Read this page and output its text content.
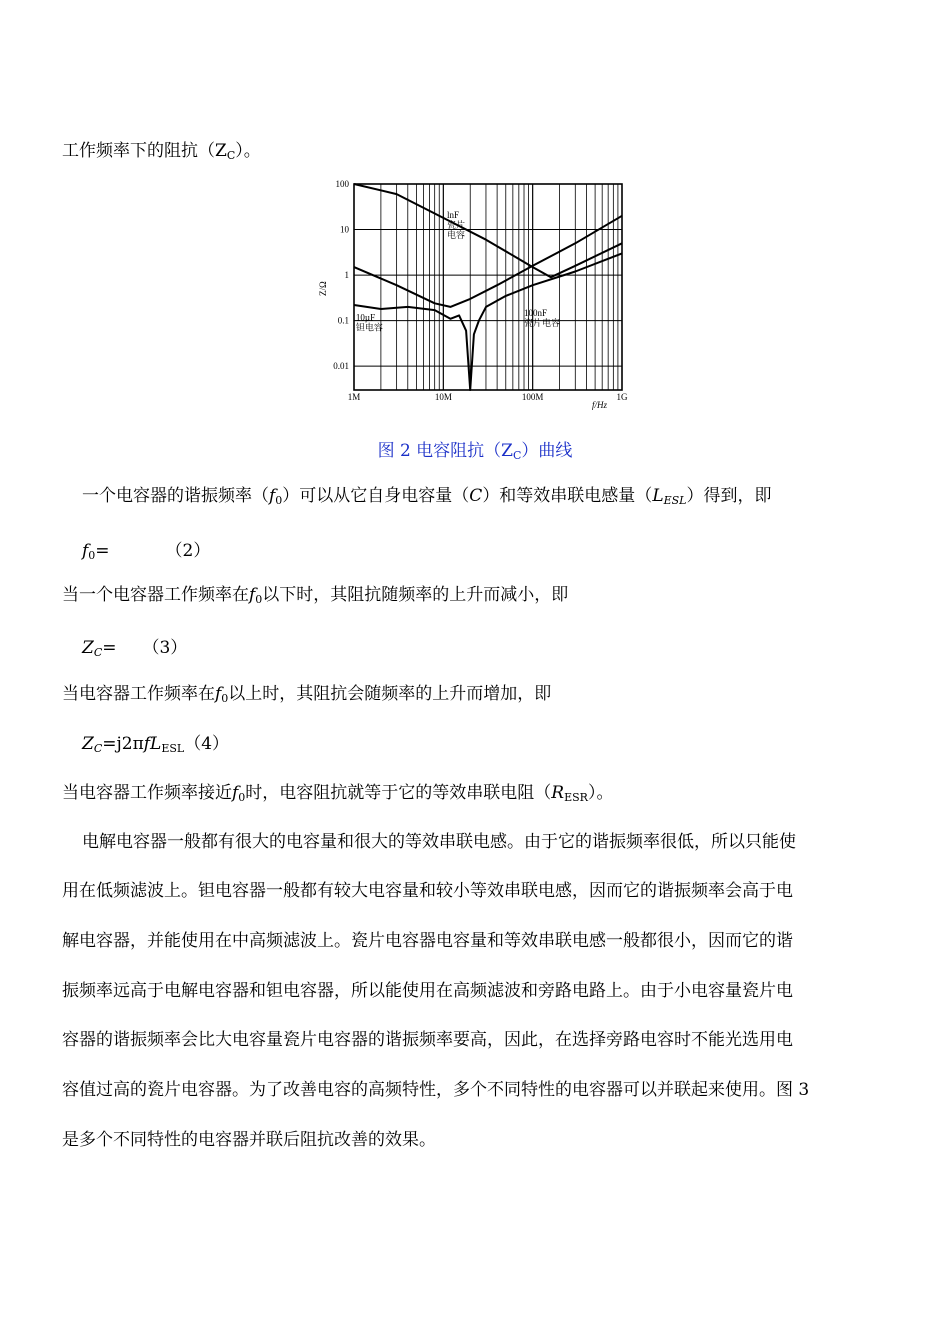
工作频率下的阻抗$(Z_C)$。
100
10
1
0.1
0.01
1M	10M	100M	1G
Z/Ω
f/Hz
lnF
瓷片
电容
100nF
瓷片电容
10µF
钽电容
图 2 电容阻抗$(Z_C)$曲线
一个电容器的谐振频率$(f_0)$可以从它自身电容量（C）和等效串联电感量$(L_{ESL})$得到，即
$f_0=$	（2）
当一个电容器工作频率在$f_0$以下时，其阻抗随频率的上升而减小，即
$Z_C= (3)$
当电容器工作频率在$f_0$以上时，其阻抗会随频率的上升而增加，即
$Z_C=j2\pi fL_{ESL}(4)$
当电容器工作频率接近$f_0$时，电容阻抗就等于它的等效串联电阻$(R_{ESR})$。
电解电容器一般都有很大的电容量和很大的等效串联电感。由于它的谐振频率很低，所以只能使
用在低频滤波上。钽电容器一般都有较大电容量和较小等效串联电感，因而它的谐振频率会高于电
解电容器，并能使用在中高频滤波上。瓷片电容器电容量和等效串联电感一般都很小，因而它的谐
振频率远高于电解电容器和钽电容器，所以能使用在高频滤波和旁路电路上。由于小电容量瓷片电
容器的谐振频率会比大电容量瓷片电容器的谐振频率要高，因此，在选择旁路电容时不能光选用电
容值过高的瓷片电容器。为了改善电容的高频特性，多个不同特性的电容器可以并联起来使用。图 3
是多个不同特性的电容器并联后阻抗改善的效果。
